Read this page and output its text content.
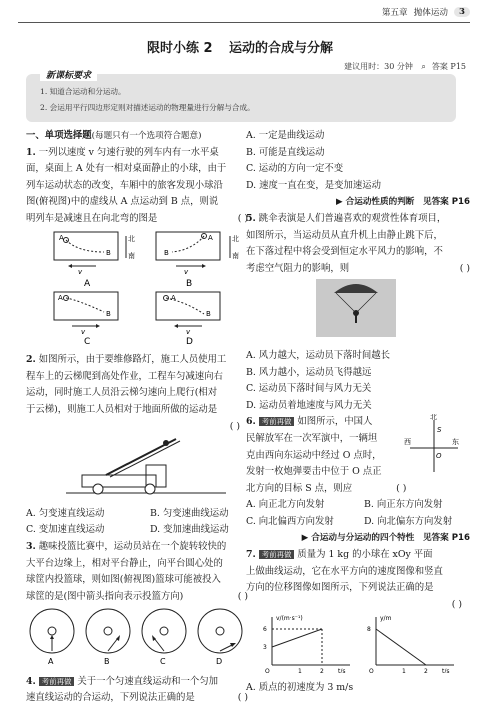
第五章 抛体运动	3
限时小练 2 运动的合成与分解
建议用时：30 分钟 ⌕ 答案 P15
新课标要求
1. 知道合运动和分运动。
2. 会运用平行四边形定则对描述运动的物理量进行分解与合成。
一、单项选择题(每题只有一个选项符合题意)
1. 一列以速度 v 匀速行驶的列车内有一水平桌
面，桌面上 A 处有一相对桌面静止的小球，由于
列车运动状态的改变，车厢中的旅客发现小球沿
图(俯视图)中的虚线从 A 点运动到 B 点，则说
明列车是减速且在向北弯的图是	( )
A
B
v
北
南
A
A
B
v
北
南
B
A
B
v
C
A
B
v
D
2. 如图所示，由于要维修路灯，施工人员使用工
程车上的云梯爬到高处作业，工程车匀减速向右
运动，同时施工人员沿云梯匀速向上爬行(相对
于云梯)，则施工人员相对于地面所做的运动是
( )
A. 匀变速直线运动	B. 匀变速曲线运动
C. 变加速直线运动	D. 变加速曲线运动
3. 趣味投篮比赛中，运动员站在一个旋转较快的
大平台边缘上，相对平台静止，向平台圆心处的
球筐内投篮球，则如图(俯视图)篮球可能被投入
球筐的是(图中箭头指向表示投篮方向)	( )
A	B	C	D
4. 考前再做 关于一个匀速直线运动和一个匀加
速直线运动的合运动，下列说法正确的是	( )
A. 一定是曲线运动
B. 可能是直线运动
C. 运动的方向一定不变
D. 速度一直在变，是变加速运动
▶ 合运动性质的判断　见答案 P16
5. 跳伞表演是人们普遍喜欢的观赏性体育项目，
如图所示，当运动员从直升机上由静止跳下后，
在下落过程中将会受到恒定水平风力的影响，不
考虑空气阻力的影响，则	( )
A. 风力越大，运动员下落时间越长
B. 风力越小，运动员飞得越远
C. 运动员下落时间与风力无关
D. 运动员着地速度与风力无关
6. 考前再做 如图所示，中国人
民解放军在一次军演中，一辆坦
克由西向东运动中经过 O 点时，
发射一枚炮弹要击中位于 O 点正
北方向的目标 S 点，则应	( )
北
西	东
S
O
A. 向正北方向发射	B. 向正东方向发射
C. 向北偏西方向发射	D. 向北偏东方向发射
▶ 合运动与分运动的四个特性　见答案 P16
7. 考前再做 质量为 1 kg 的小球在 xOy 平面
上做曲线运动，它在水平方向的速度图像和竖直
方向的位移图像如图所示，下列说法正确的是
( )
v/(m·s⁻¹)
t/s
6
3
1	2
O
y/m
t/s
8
1	2
O
A. 质点的初速度为 3 m/s
